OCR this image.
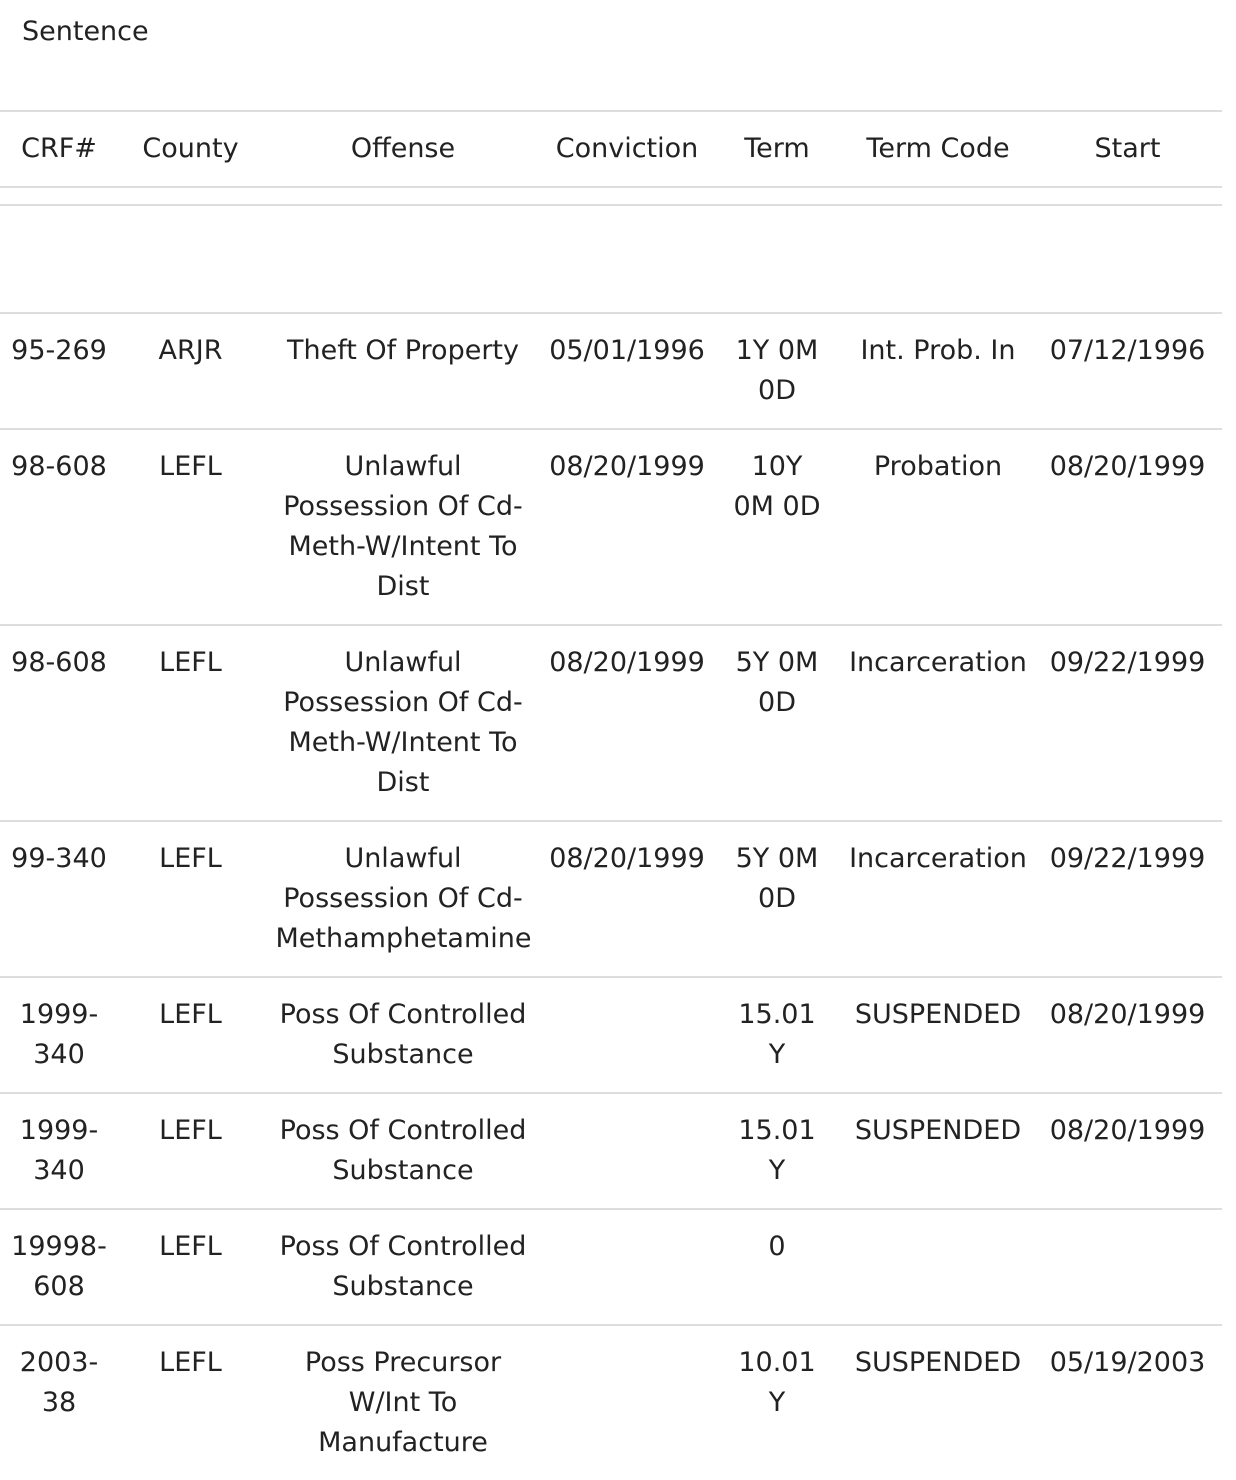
Sentence
CRF#	County	Offense	Conviction	Term	Term Code	Start

95-269	ARJR	Theft Of Property	05/01/1996	1Y 0M 0D	Int. Prob. In	07/12/1996

98-608	LEFL	Unlawful Possession Of Cd-Meth-W/Intent To Dist	08/20/1999	10Y 0M 0D	Probation	08/20/1999

98-608	LEFL	Unlawful Possession Of Cd-Meth-W/Intent To Dist	08/20/1999	5Y 0M 0D	Incarceration	09/22/1999

99-340	LEFL	Unlawful Possession Of Cd-Methamphetamine	08/20/1999	5Y 0M 0D	Incarceration	09/22/1999

1999-340	LEFL	Poss Of Controlled Substance		15.01 Y	SUSPENDED	08/20/1999

1999-340	LEFL	Poss Of Controlled Substance		15.01 Y	SUSPENDED	08/20/1999

19998-608	LEFL	Poss Of Controlled Substance		0		

2003-38	LEFL	Poss Precursor W/Int To Manufacture		10.01 Y	SUSPENDED	05/19/2003
